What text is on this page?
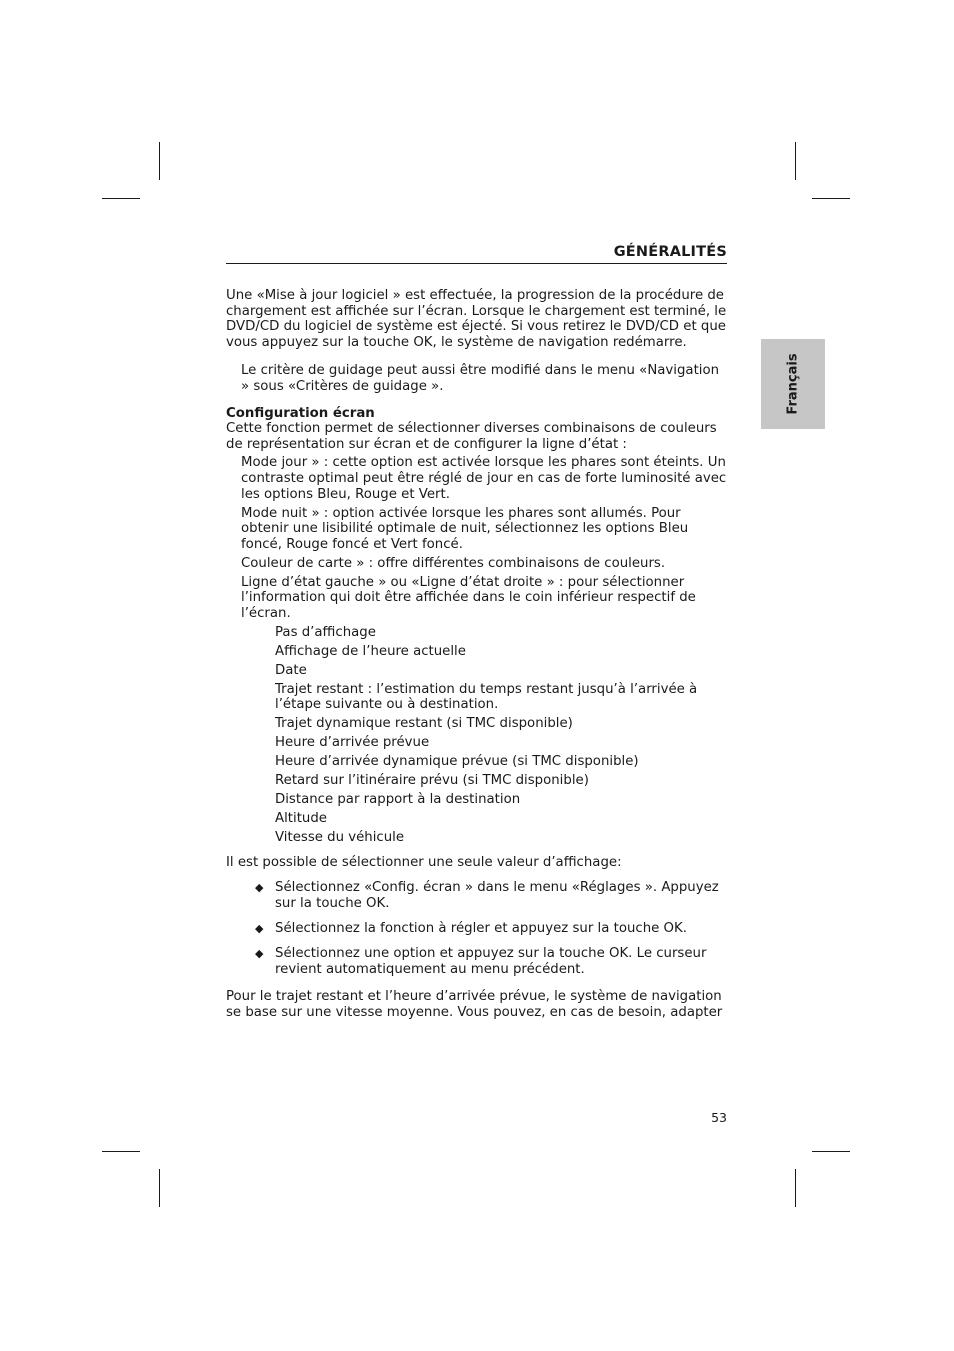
GÉNÉRALITÉS
Français

Une «Mise à jour logiciel » est effectuée, la progression de la procédure de chargement est affichée sur l’écran. Lorsque le chargement est terminé, le DVD/CD du logiciel de système est éjecté. Si vous retirez le DVD/CD et que vous appuyez sur la touche OK, le système de navigation redémarre.

Le critère de guidage peut aussi être modifié dans le menu «Navigation » sous «Critères de guidage ».

Configuration écran

Cette fonction permet de sélectionner diverses combinaisons de couleurs de représentation sur écran et de configurer la ligne d’état :

Mode jour » : cette option est activée lorsque les phares sont éteints. Un contraste optimal peut être réglé de jour en cas de forte luminosité avec les options Bleu, Rouge et Vert.
Mode nuit » : option activée lorsque les phares sont allumés. Pour obtenir une lisibilité optimale de nuit, sélectionnez les options Bleu foncé, Rouge foncé et Vert foncé.
Couleur de carte » : offre différentes combinaisons de couleurs.
Ligne d’état gauche » ou «Ligne d’état droite » : pour sélectionner l’information qui doit être affichée dans le coin inférieur respectif de l’écran.
Pas d’affichage
Affichage de l’heure actuelle
Date
Trajet restant : l’estimation du temps restant jusqu’à l’arrivée à l’étape suivante ou à destination.
Trajet dynamique restant (si TMC disponible)
Heure d’arrivée prévue
Heure d’arrivée dynamique prévue (si TMC disponible)
Retard sur l’itinéraire prévu (si TMC disponible)
Distance par rapport à la destination
Altitude
Vitesse du véhicule

Il est possible de sélectionner une seule valeur d’affichage:

◆ Sélectionnez «Config. écran » dans le menu «Réglages ». Appuyez sur la touche OK.
◆ Sélectionnez la fonction à régler et appuyez sur la touche OK.
◆ Sélectionnez une option et appuyez sur la touche OK. Le curseur revient automatiquement au menu précédent.

Pour le trajet restant et l’heure d’arrivée prévue, le système de navigation se base sur une vitesse moyenne. Vous pouvez, en cas de besoin, adapter

53
